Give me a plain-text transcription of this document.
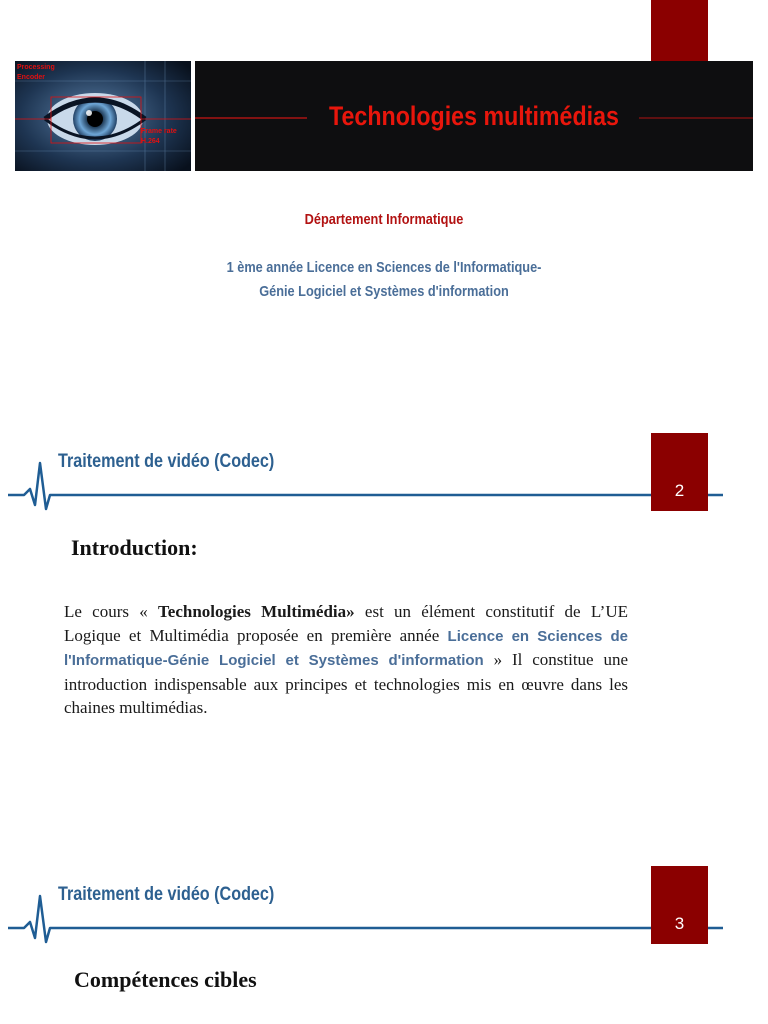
Processing
Encoder
Frame rate
H.264
Technologies multimédias
Département Informatique
1 ème année Licence en Sciences de l'Informatique-
Génie Logiciel et Systèmes d'information
Traitement de vidéo (Codec)
2
Introduction:
Le cours « Technologies Multimédia» est un élément constitutif de L’UE Logique et Multimédia proposée en première année Licence en Sciences de l'Informatique-Génie Logiciel et Systèmes d'information » Il constitue une introduction indispensable aux principes et technologies mis en œuvre dans les chaines multimédias.
Traitement de vidéo (Codec)
3
Compétences cibles
